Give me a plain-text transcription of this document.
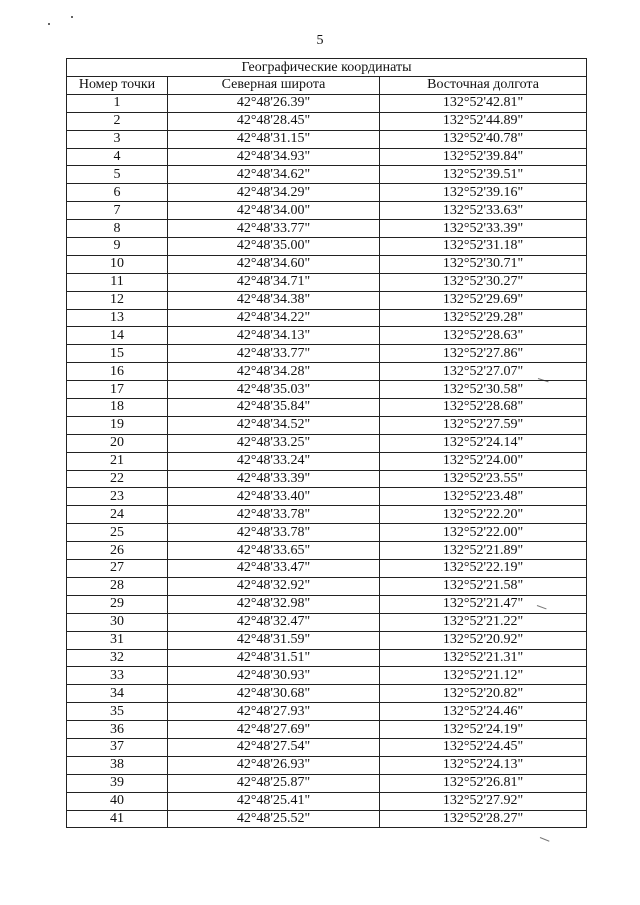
5
Географические координаты		
Номер точки	Северная широта	Восточная долгота
1	42°48'26.39"	132°52'42.81"
2	42°48'28.45"	132°52'44.89"
3	42°48'31.15"	132°52'40.78"
4	42°48'34.93"	132°52'39.84"
5	42°48'34.62"	132°52'39.51"
6	42°48'34.29"	132°52'39.16"
7	42°48'34.00"	132°52'33.63"
8	42°48'33.77"	132°52'33.39"
9	42°48'35.00"	132°52'31.18"
10	42°48'34.60"	132°52'30.71"
11	42°48'34.71"	132°52'30.27"
12	42°48'34.38"	132°52'29.69"
13	42°48'34.22"	132°52'29.28"
14	42°48'34.13"	132°52'28.63"
15	42°48'33.77"	132°52'27.86"
16	42°48'34.28"	132°52'27.07"
17	42°48'35.03"	132°52'30.58"
18	42°48'35.84"	132°52'28.68"
19	42°48'34.52"	132°52'27.59"
20	42°48'33.25"	132°52'24.14"
21	42°48'33.24"	132°52'24.00"
22	42°48'33.39"	132°52'23.55"
23	42°48'33.40"	132°52'23.48"
24	42°48'33.78"	132°52'22.20"
25	42°48'33.78"	132°52'22.00"
26	42°48'33.65"	132°52'21.89"
27	42°48'33.47"	132°52'22.19"
28	42°48'32.92"	132°52'21.58"
29	42°48'32.98"	132°52'21.47"
30	42°48'32.47"	132°52'21.22"
31	42°48'31.59"	132°52'20.92"
32	42°48'31.51"	132°52'21.31"
33	42°48'30.93"	132°52'21.12"
34	42°48'30.68"	132°52'20.82"
35	42°48'27.93"	132°52'24.46"
36	42°48'27.69"	132°52'24.19"
37	42°48'27.54"	132°52'24.45"
38	42°48'26.93"	132°52'24.13"
39	42°48'25.87"	132°52'26.81"
40	42°48'25.41"	132°52'27.92"
41	42°48'25.52"	132°52'28.27"
